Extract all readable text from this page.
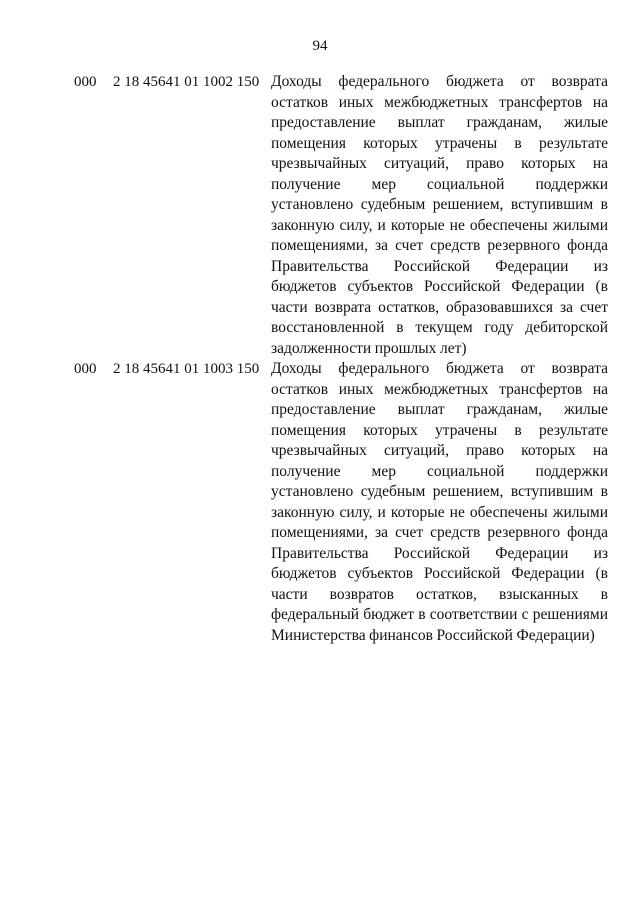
94
000 2 18 45641 01 1002 150 Доходы федерального бюджета от возврата остатков иных межбюджетных трансфертов на предоставление выплат гражданам, жилые помещения которых утрачены в результате чрезвычайных ситуаций, право которых на получение мер социальной поддержки установлено судебным решением, вступившим в законную силу, и которые не обеспечены жилыми помещениями, за счет средств резервного фонда Правительства Российской Федерации из бюджетов субъектов Российской Федерации (в части возврата остатков, образовавшихся за счет восстановленной в текущем году дебиторской задолженности прошлых лет)
000 2 18 45641 01 1003 150 Доходы федерального бюджета от возврата остатков иных межбюджетных трансфертов на предоставление выплат гражданам, жилые помещения которых утрачены в результате чрезвычайных ситуаций, право которых на получение мер социальной поддержки установлено судебным решением, вступившим в законную силу, и которые не обеспечены жилыми помещениями, за счет средств резервного фонда Правительства Российской Федерации из бюджетов субъектов Российской Федерации (в части возвратов остатков, взысканных в федеральный бюджет в соответствии с решениями Министерства финансов Российской Федерации)
